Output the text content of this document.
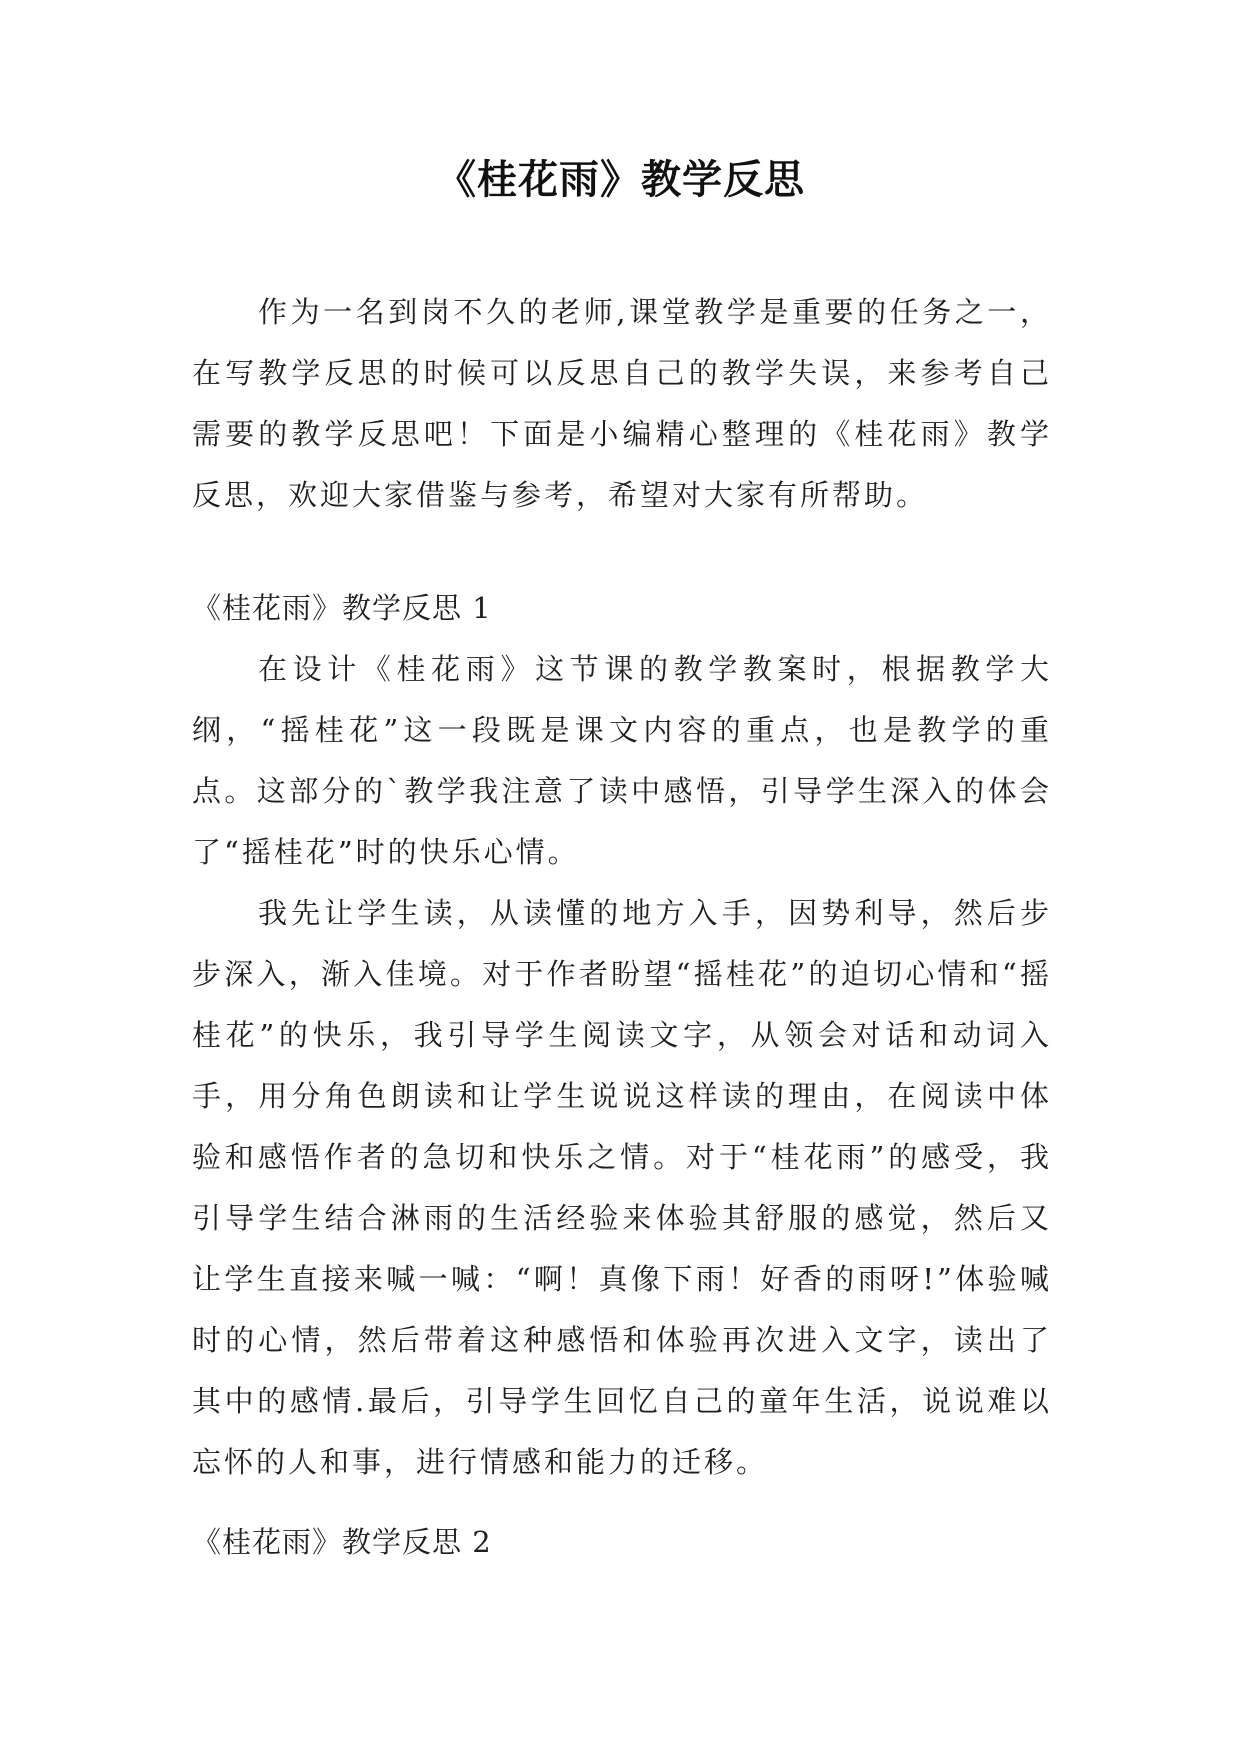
《桂花雨》教学反思

作为一名到岗不久的老师,课堂教学是重要的任务之一，在写教学反思的时候可以反思自己的教学失误，来参考自己需要的教学反思吧！下面是小编精心整理的《桂花雨》教学反思，欢迎大家借鉴与参考，希望对大家有所帮助。

《桂花雨》教学反思 1

在设计《桂花雨》这节课的教学教案时，根据教学大纲，“摇桂花”这一段既是课文内容的重点，也是教学的重点。这部分的`教学我注意了读中感悟，引导学生深入的体会了“摇桂花”时的快乐心情。

我先让学生读，从读懂的地方入手，因势利导，然后步步深入，渐入佳境。对于作者盼望“摇桂花”的迫切心情和“摇桂花”的快乐，我引导学生阅读文字，从领会对话和动词入手，用分角色朗读和让学生说说这样读的理由，在阅读中体验和感悟作者的急切和快乐之情。对于“桂花雨”的感受，我引导学生结合淋雨的生活经验来体验其舒服的感觉，然后又让学生直接来喊一喊：“啊！真像下雨！好香的雨呀!”体验喊时的心情，然后带着这种感悟和体验再次进入文字，读出了其中的感情.最后，引导学生回忆自己的童年生活，说说难以忘怀的人和事，进行情感和能力的迁移。

《桂花雨》教学反思 2
